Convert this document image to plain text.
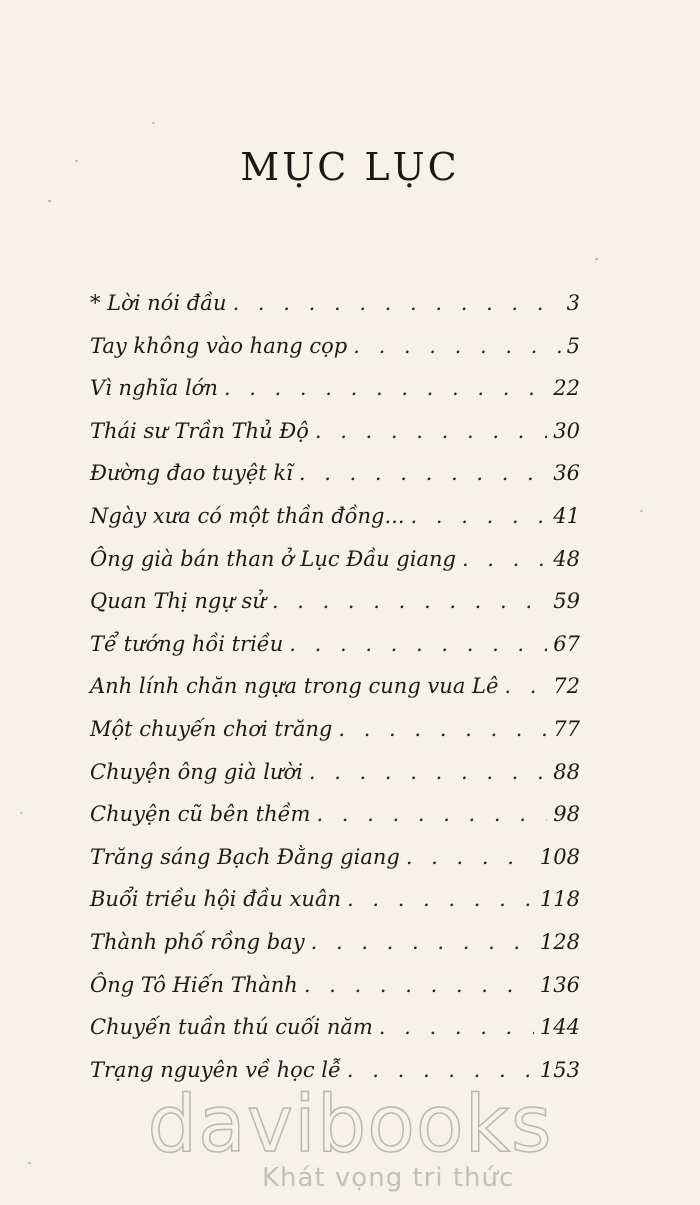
MỤC LỤC
* Lời nói đầu . . .	3
Tay không vào hang cọp . . .	5
Vì nghĩa lớn . . .	22
Thái sư Trần Thủ Độ . . .	30
Đường đao tuyệt kĩ . . .	36
Ngày xưa có một thần đồng... . . .	41
Ông già bán than ở Lục Đầu giang . . .	48
Quan Thị ngự sử . . .	59
Tể tướng hồi triều . . .	67
Anh lính chăn ngựa trong cung vua Lê . . .	72
Một chuyến chơi trăng . . .	77
Chuyện ông già lười . . .	88
Chuyện cũ bên thềm . . .	98
Trăng sáng Bạch Đằng giang . . .	108
Buổi triều hội đầu xuân . . .	118
Thành phố rồng bay . . .	128
Ông Tô Hiến Thành . . .	136
Chuyến tuần thú cuối năm . . .	144
Trạng nguyên về học lễ . . .	153
davibooks
Khát vọng tri thức
